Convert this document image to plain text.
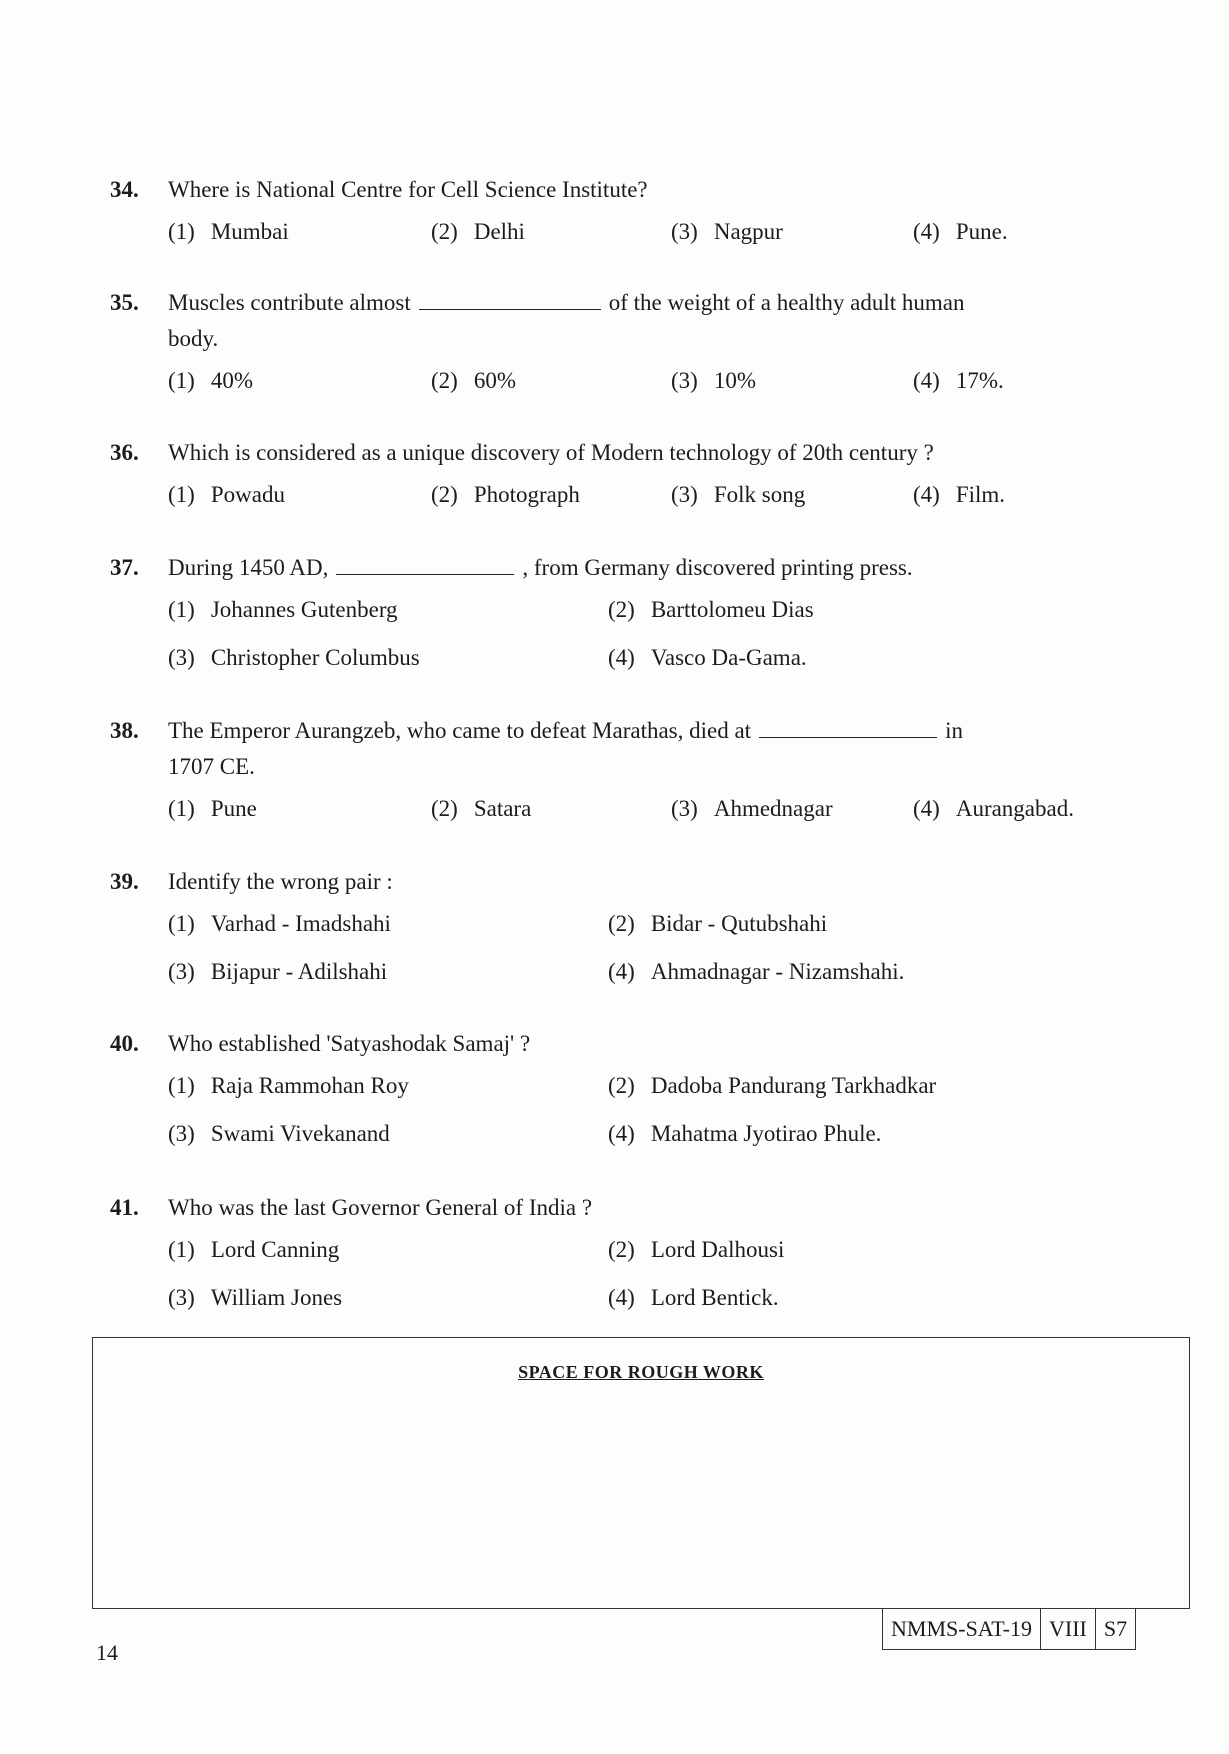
34.	Where is National Centre for Cell Science Institute?
(1) Mumbai	(2) Delhi	(3) Nagpur	(4) Pune.
35.	Muscles contribute almost	of the weight of a healthy adult human
body.
(1) 40%	(2) 60%	(3) 10%	(4) 17%.
36.	Which is considered as a unique discovery of Modern technology of 20th century ?
(1) Powadu	(2) Photograph	(3) Folk song	(4) Film.
37.	During 1450 AD,	, from Germany discovered printing press.
(1) Johannes Gutenberg	(2) Barttolomeu Dias
(3) Christopher Columbus	(4) Vasco Da-Gama.
38.	The Emperor Aurangzeb, who came to defeat Marathas, died at	in
1707 CE.
(1) Pune	(2) Satara	(3) Ahmednagar	(4) Aurangabad.
39.	Identify the wrong pair :
(1) Varhad - Imadshahi	(2) Bidar - Qutubshahi
(3) Bijapur - Adilshahi	(4) Ahmadnagar - Nizamshahi.
40.	Who established 'Satyashodak Samaj' ?
(1) Raja Rammohan Roy	(2) Dadoba Pandurang Tarkhadkar
(3) Swami Vivekanand	(4) Mahatma Jyotirao Phule.
41.	Who was the last Governor General of India ?
(1) Lord Canning	(2) Lord Dalhousi
(3) William Jones	(4) Lord Bentick.
SPACE FOR ROUGH WORK
14
NMMS-SAT-19 VIII S7
